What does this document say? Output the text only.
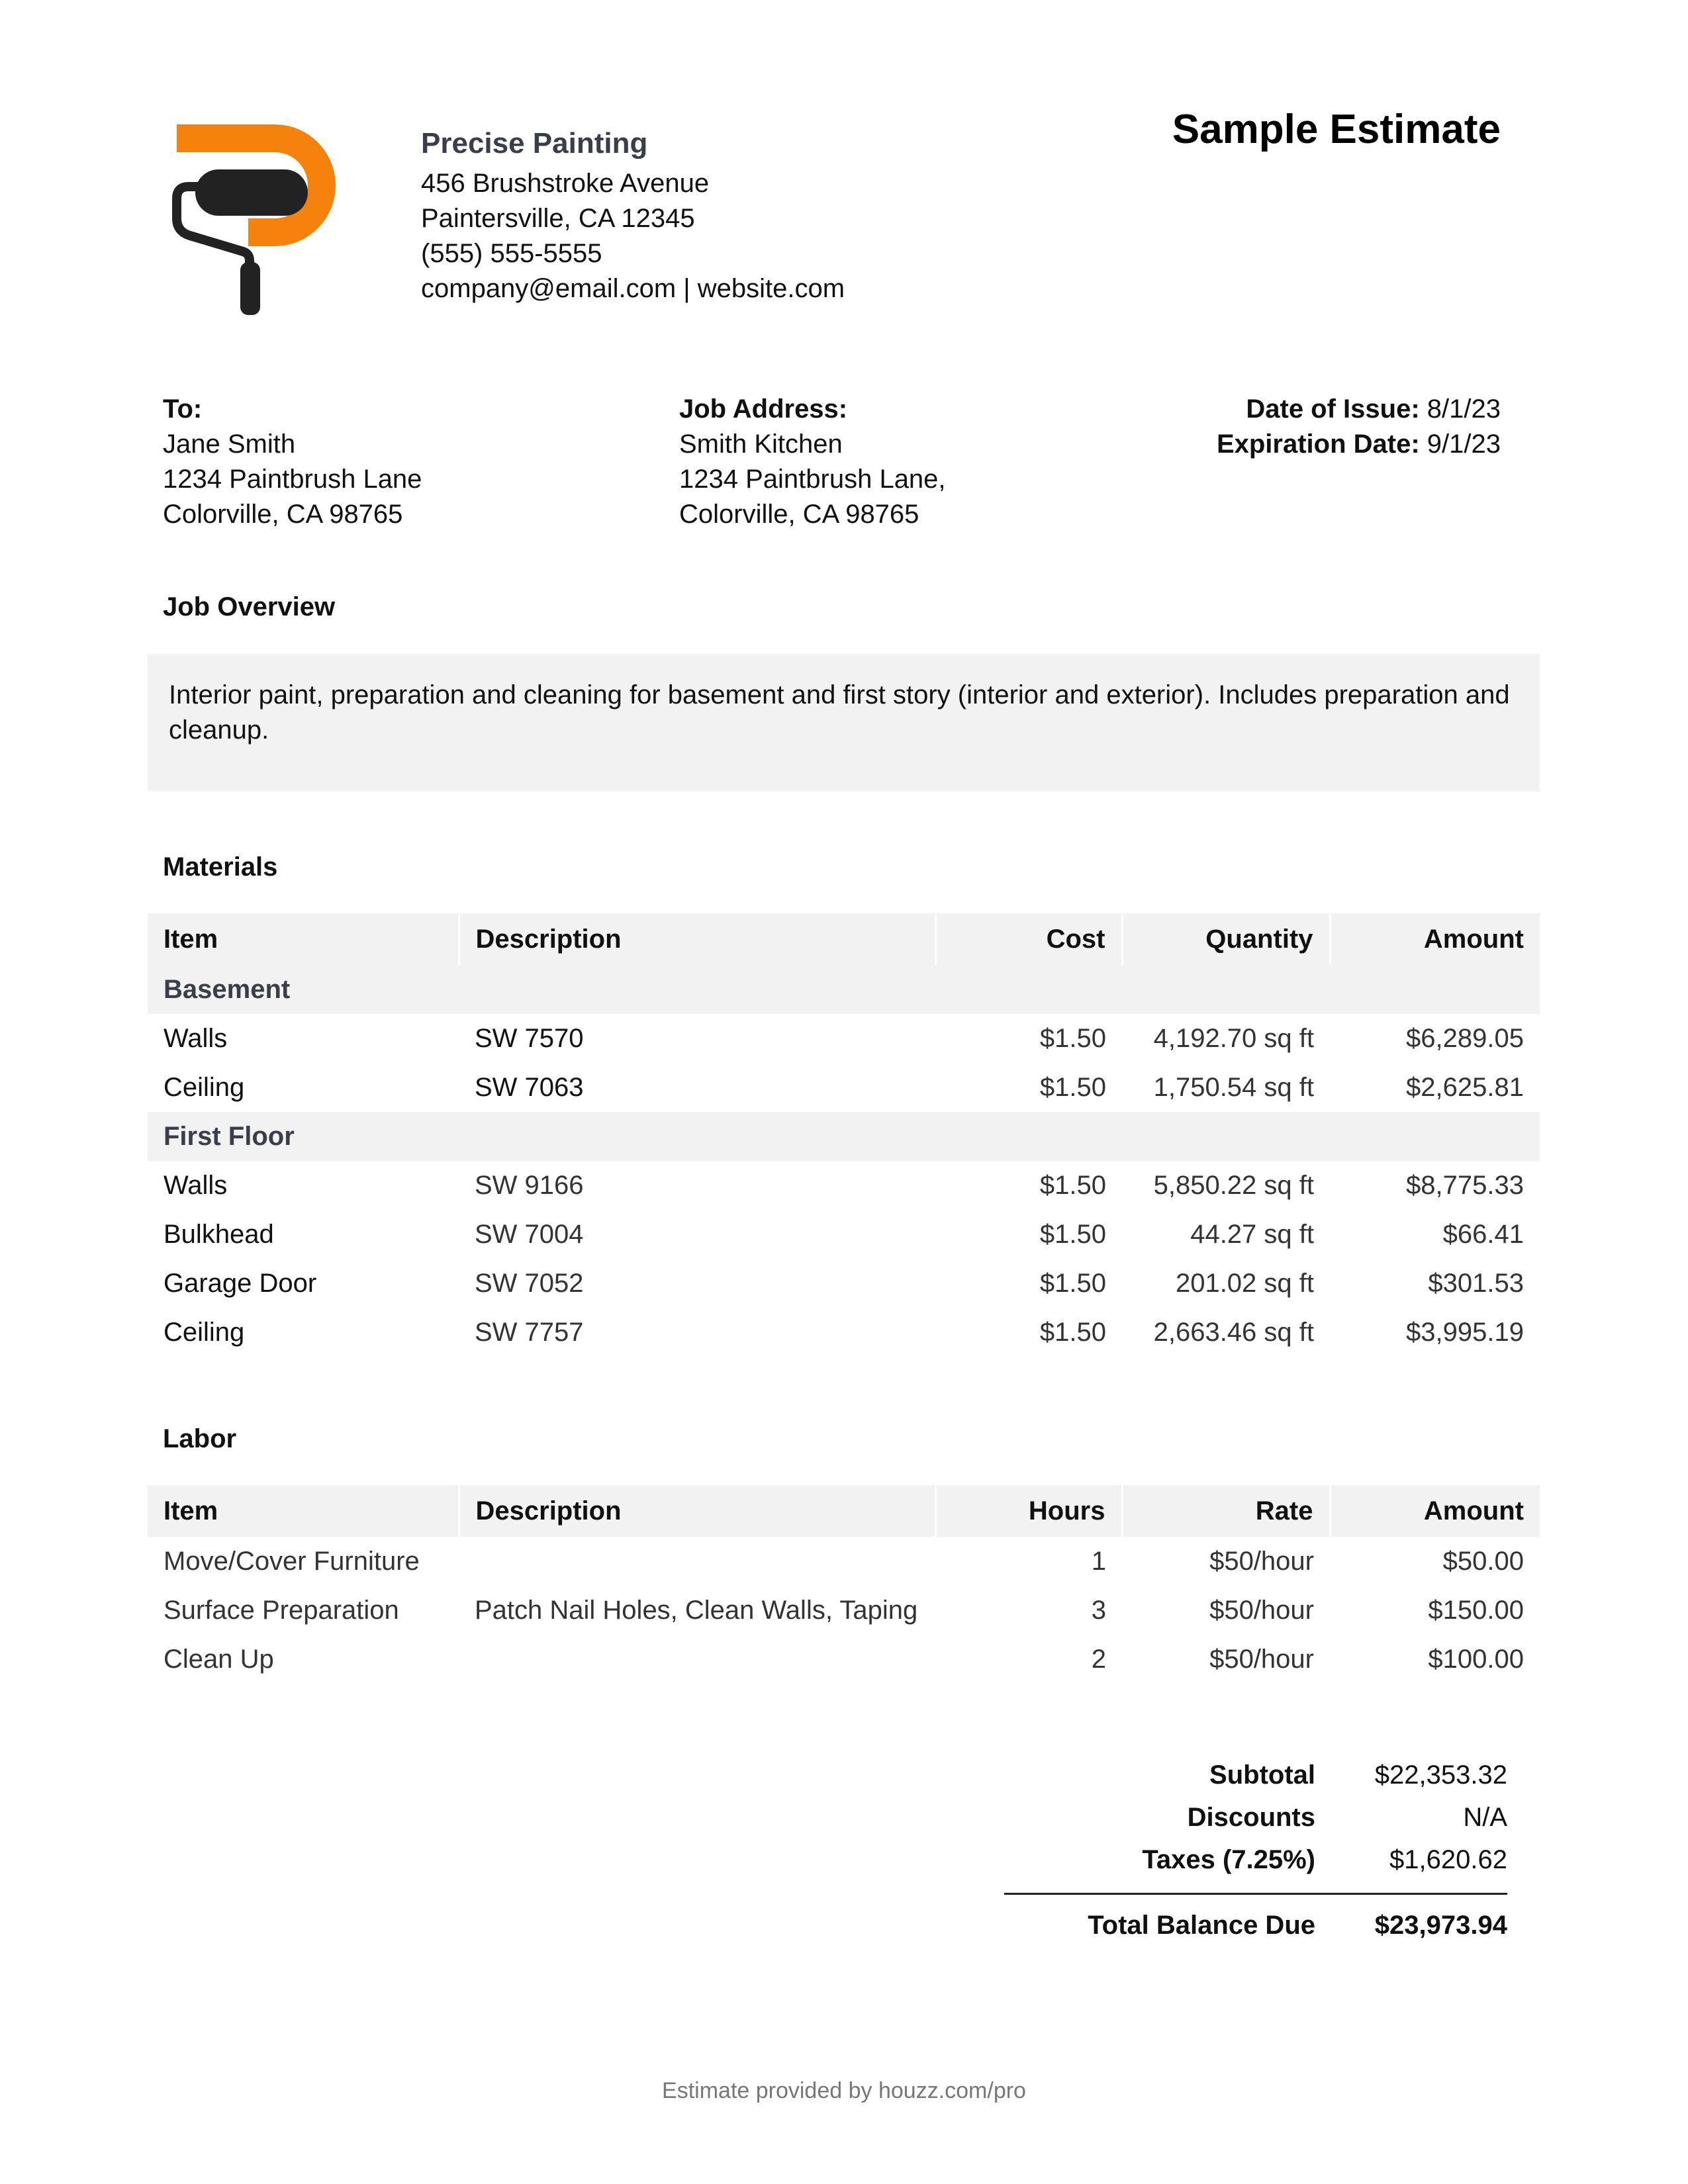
Precise Painting
456 Brushstroke Avenue
Paintersville, CA 12345
(555) 555-5555
company@email.com | website.com
Sample Estimate
To:
Jane Smith
1234 Paintbrush Lane
Colorville, CA 98765
Job Address:
Smith Kitchen
1234 Paintbrush Lane,
Colorville, CA 98765
Date of Issue: 8/1/23
Expiration Date: 9/1/23
Job Overview
Interior paint, preparation and cleaning for basement and first story (interior and exterior). Includes preparation and cleanup.
Materials
Item	Description	Cost	Quantity	Amount
Basement				
Walls	SW 7570	$1.50	4,192.70 sq ft	$6,289.05
Ceiling	SW 7063	$1.50	1,750.54 sq ft	$2,625.81
First Floor				
Walls	SW 9166	$1.50	5,850.22 sq ft	$8,775.33
Bulkhead	SW 7004	$1.50	44.27 sq ft	$66.41
Garage Door	SW 7052	$1.50	201.02 sq ft	$301.53
Ceiling	SW 7757	$1.50	2,663.46 sq ft	$3,995.19
Labor
Item	Description	Hours	Rate	Amount
Move/Cover Furniture		1	$50/hour	$50.00
Surface Preparation	Patch Nail Holes, Clean Walls, Taping	3	$50/hour	$150.00
Clean Up		2	$50/hour	$100.00
Subtotal	$22,353.32
Discounts	N/A
Taxes (7.25%)	$1,620.62
Total Balance Due	$23,973.94
Estimate provided by houzz.com/pro
